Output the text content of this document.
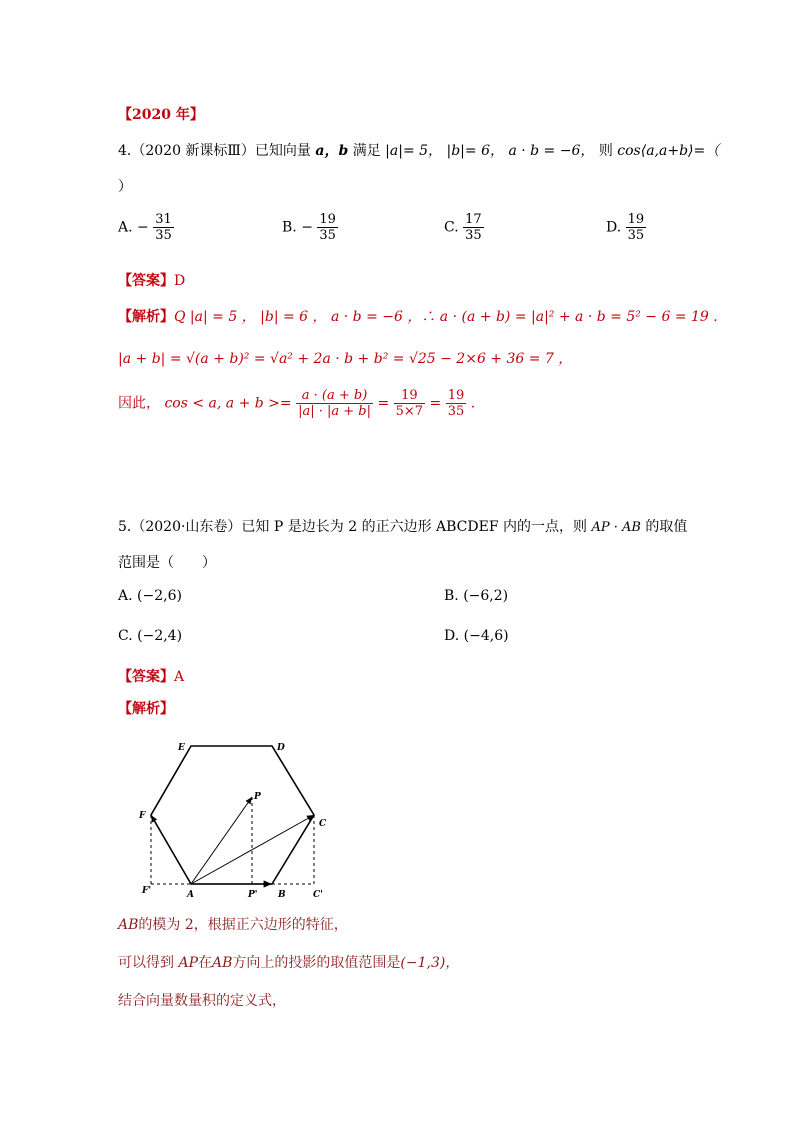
【2020 年】
4.（2020 新课标Ⅲ）已知向量 a，b 满足 |a|= 5， |b|= 6， a · b = −6， 则 cos⟨a,a+b⟩=（
）
A. − $\frac{31}{35}$	B. − $\frac{19}{35}$	C. $\frac{17}{35}$	D. $\frac{19}{35}$
【答案】D
【解析】Q |a| = 5 ， |b| = 6 ， a · b = −6 ，∴ a · (a + b) = |a|² + a · b = 5² − 6 = 19 .
|a + b| = √(a + b)² = √a² + 2a · b + b² = √25 − 2×6 + 36 = 7 ，
因此， cos < a, $a + b >= \frac{a \cdot (a + b)}{|a| \cdot |a + b|} = \frac{19}{5\times 7} = \frac{19}{35}$ .
5.（2020·山东卷）已知 P 是边长为 2 的正六边形 ABCDEF 内的一点，则 AP · AB 的取值
范围是（　　）
A. (−2,6)	B. (−6,2)
C. (−2,4)	D. (−4,6)
【答案】A
【解析】
E	D
F
C
P
A	B
F'	P'	C'
AB的模为 2，根据正六边形的特征，
可以得到 AP在AB方向上的投影的取值范围是(−1,3)，
结合向量数量积的定义式，
